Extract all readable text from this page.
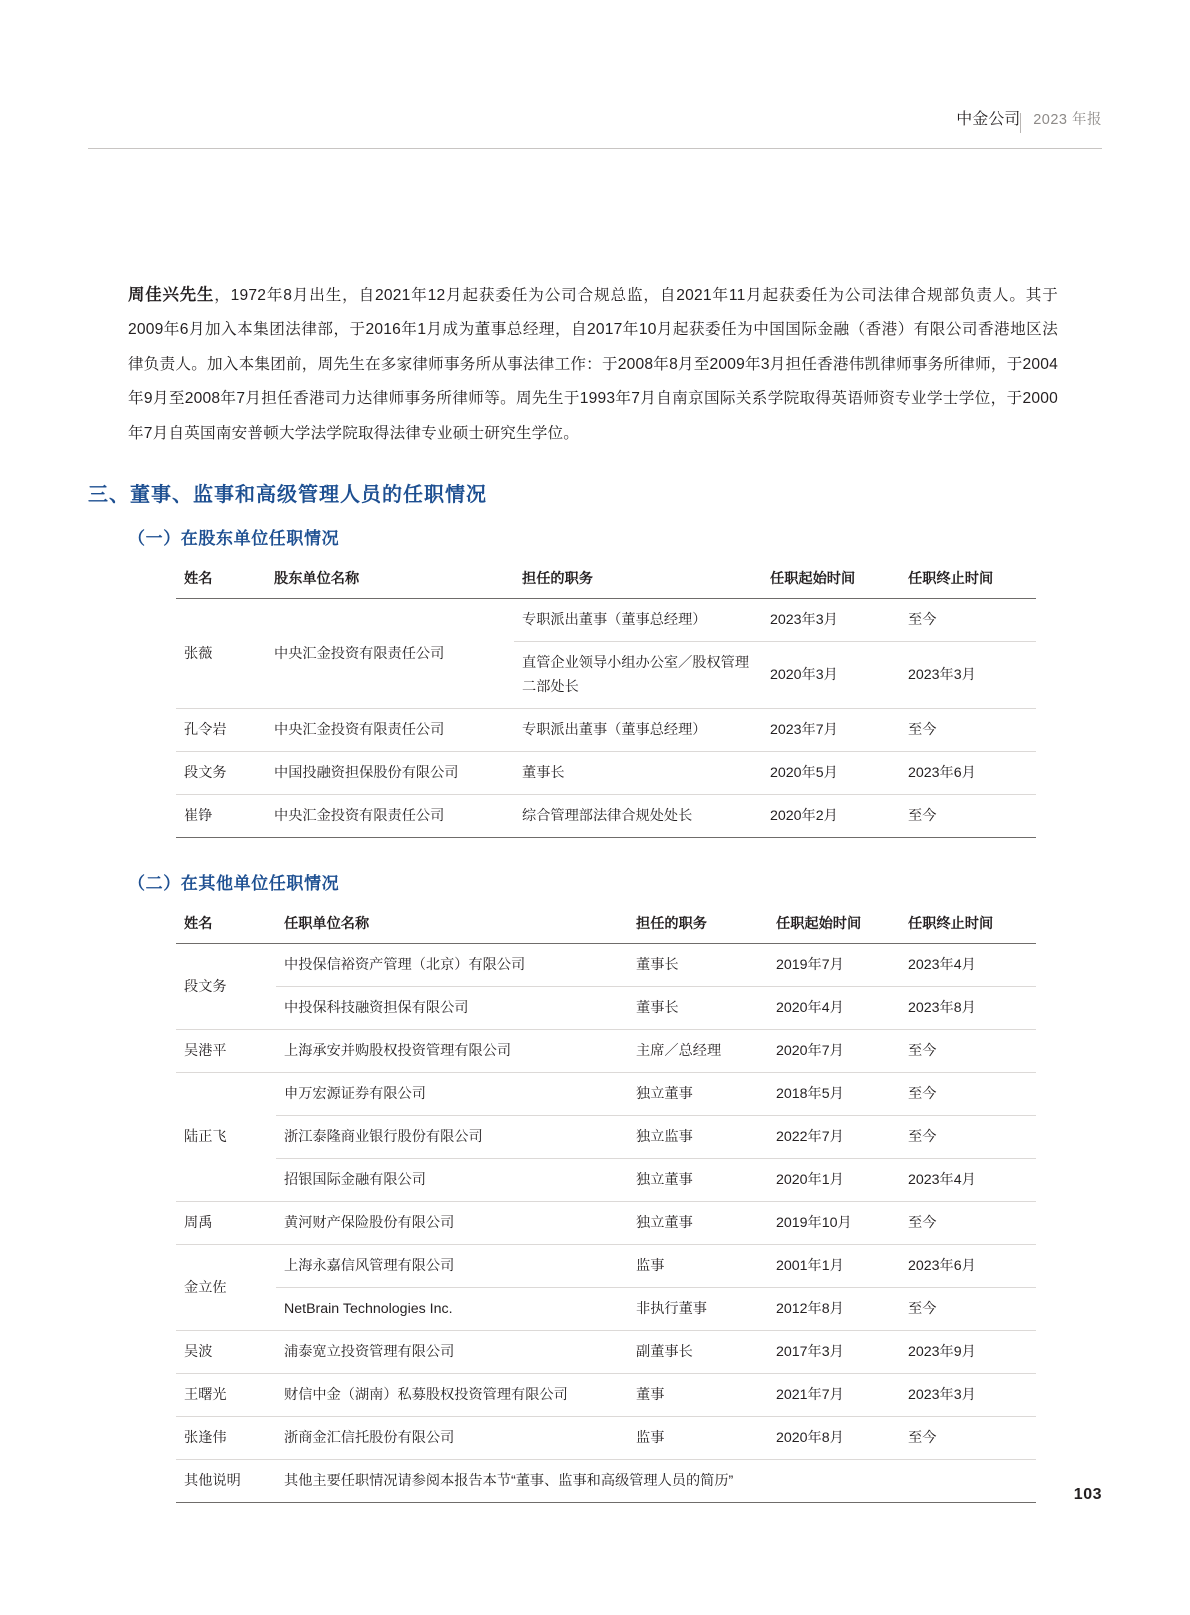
中金公司 2023 年报

周佳兴先生，1972年8月出生，自2021年12月起获委任为公司合规总监，自2021年11月起获委任为公司法律合规部负责人。其于2009年6月加入本集团法律部，于2016年1月成为董事总经理，自2017年10月起获委任为中国国际金融（香港）有限公司香港地区法律负责人。加入本集团前，周先生在多家律师事务所从事法律工作：于2008年8月至2009年3月担任香港伟凯律师事务所律师，于2004年9月至2008年7月担任香港司力达律师事务所律师等。周先生于1993年7月自南京国际关系学院取得英语师资专业学士学位，于2000年7月自英国南安普顿大学法学院取得法律专业硕士研究生学位。

三、董事、监事和高级管理人员的任职情况
（一）在股东单位任职情况
（二）在其他单位任职情况
姓名	股东单位名称	担任的职务	任职起始时间	任职终止时间
张薇	中央汇金投资有限责任公司	专职派出董事（董事总经理）	2023年3月	至今
		直管企业领导小组办公室／股权管理二部处长	2020年3月	2023年3月
孔令岩	中央汇金投资有限责任公司	专职派出董事（董事总经理）	2023年7月	至今
段文务	中国投融资担保股份有限公司	董事长	2020年5月	2023年6月
崔铮	中央汇金投资有限责任公司	综合管理部法律合规处处长	2020年2月	至今
姓名	任职单位名称	担任的职务	任职起始时间	任职终止时间
段文务	中投保信裕资产管理（北京）有限公司	董事长	2019年7月	2023年4月
	中投保科技融资担保有限公司	董事长	2020年4月	2023年8月
吴港平	上海承安并购股权投资管理有限公司	主席／总经理	2020年7月	至今
陆正飞	申万宏源证券有限公司	独立董事	2018年5月	至今
	浙江泰隆商业银行股份有限公司	独立监事	2022年7月	至今
	招银国际金融有限公司	独立董事	2020年1月	2023年4月
周禹	黄河财产保险股份有限公司	独立董事	2019年10月	至今
金立佐	上海永嘉信风管理有限公司	监事	2001年1月	2023年6月
	NetBrain Technologies Inc.	非执行董事	2012年8月	至今
吴波	浦泰宽立投资管理有限公司	副董事长	2017年3月	2023年9月
王曙光	财信中金（湖南）私募股权投资管理有限公司	董事	2021年7月	2023年3月
张逢伟	浙商金汇信托股份有限公司	监事	2020年8月	至今
其他说明	其他主要任职情况请参阅本报告本节“董事、监事和高级管理人员的简历”			
103
